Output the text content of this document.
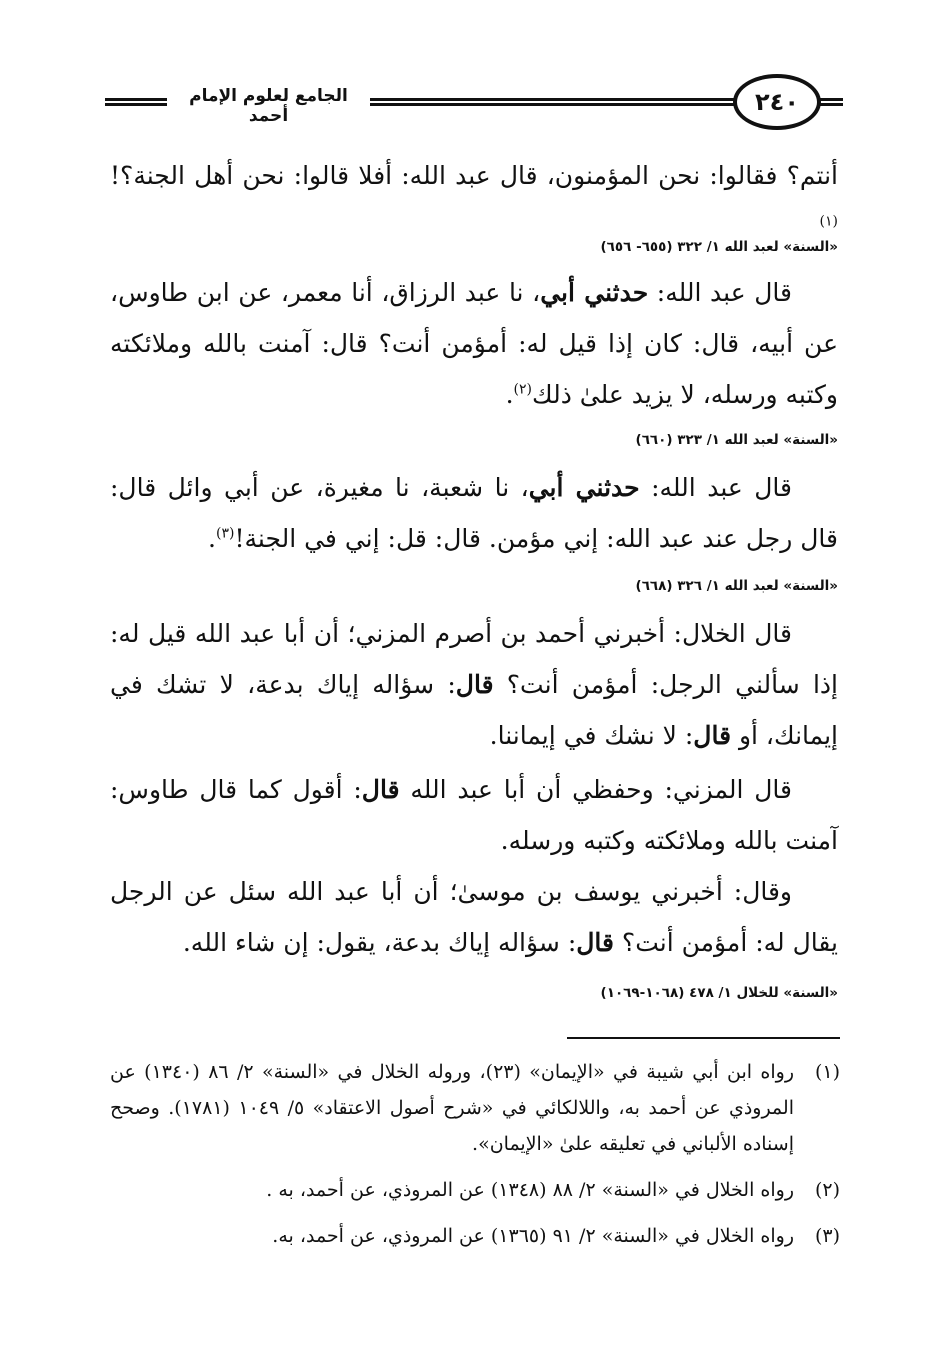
الجامع لعلوم الإمام أحمد	٢٤٠

أنتم؟ فقالوا: نحن المؤمنون، قال عبد الله: أفلا قالوا: نحن أهل الجنة؟!$^{(١)}$

«السنة» لعبد الله ١/ ٣٢٢ (٦٥٥- ٦٥٦)

قال عبد الله: حدثني أبي، نا عبد الرزاق، أنا معمر، عن ابن طاوس، عن أبيه، قال: كان إذا قيل له: أمؤمن أنت؟ قال: آمنت بالله وملائكته وكتبه ورسله، لا يزيد علىٰ ذلك$^{(٢)}$.

«السنة» لعبد الله ١/ ٣٢٣ (٦٦٠)

قال عبد الله: حدثني أبي، نا شعبة، نا مغيرة، عن أبي وائل قال: قال رجل عند عبد الله: إني مؤمن. قال: قل: إني في الجنة!$^{(٣)}$.

«السنة» لعبد الله ١/ ٣٢٦ (٦٦٨)

قال الخلال: أخبرني أحمد بن أصرم المزني؛ أن أبا عبد الله قيل له: إذا سألني الرجل: أمؤمن أنت؟ قال: سؤاله إياك بدعة، لا تشك في إيمانك، أو قال: لا نشك في إيماننا.

قال المزني: وحفظي أن أبا عبد الله قال: أقول كما قال طاوس: آمنت بالله وملائكته وكتبه ورسله.

وقال: أخبرني يوسف بن موسىٰ؛ أن أبا عبد الله سئل عن الرجل يقال له: أمؤمن أنت؟ قال: سؤاله إياك بدعة، يقول: إن شاء الله.

«السنة» للخلال ١/ ٤٧٨ (١٠٦٨-١٠٦٩)

(١)
رواه ابن أبي شيبة في «الإيمان» (٢٣)، وروله الخلال في «السنة» ٢/ ٨٦ (١٣٤٠) عن المروذي عن أحمد به، واللالكائي في «شرح أصول الاعتقاد» ٥/ ١٠٤٩ (١٧٨١). وصحح إسناده الألباني في تعليقه علىٰ «الإيمان».

(٢)
رواه الخلال في «السنة» ٢/ ٨٨ (١٣٤٨) عن المروذي، عن أحمد، به .

(٣)
رواه الخلال في «السنة» ٢/ ٩١ (١٣٦٥) عن المروذي، عن أحمد، به.
